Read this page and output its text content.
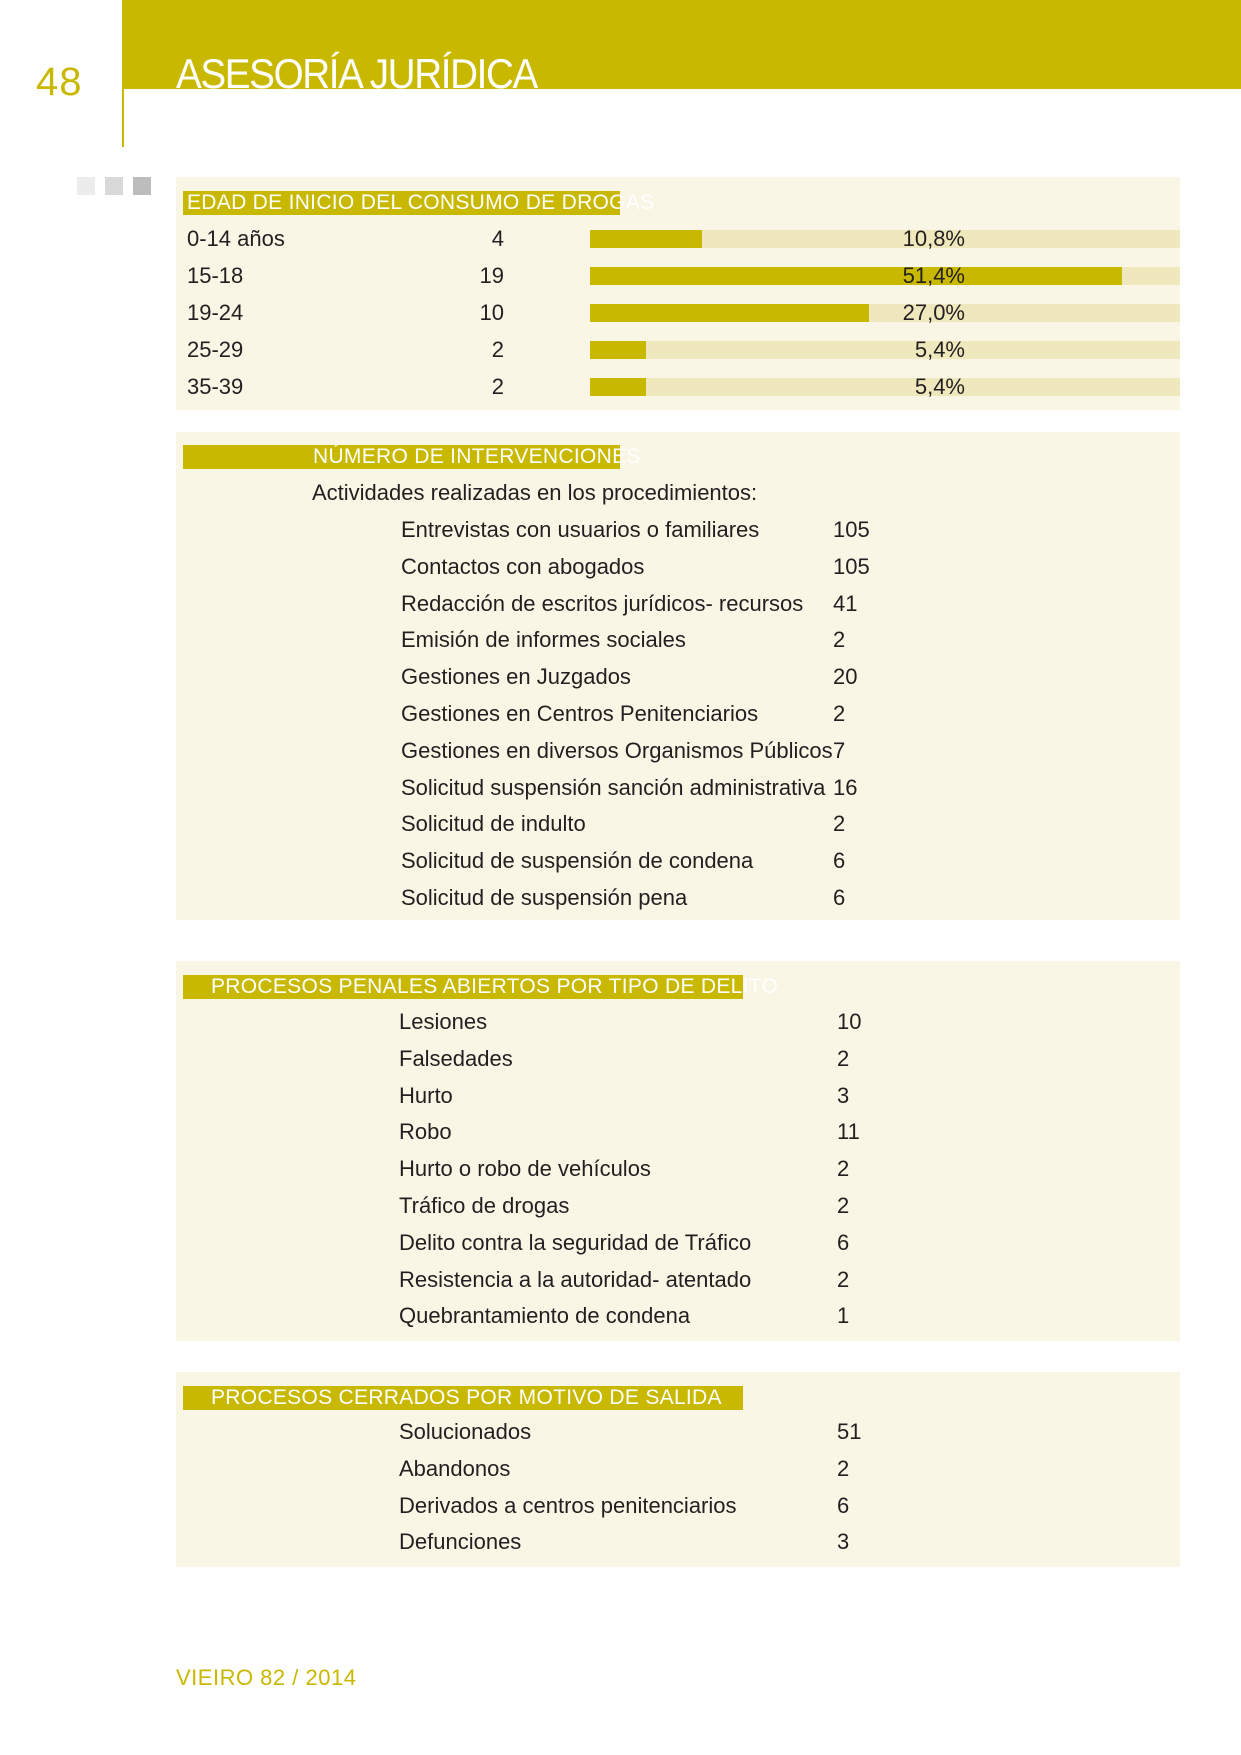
48 ASESORÍA JURÍDICA
EDAD DE INICIO DEL CONSUMO DE DROGAS
0-14 años	4	10,8%
15-18	19	51,4%
19-24	10	27,0%
25-29	2	5,4%
35-39	2	5,4%
NÚMERO DE INTERVENCIONES
Actividades realizadas en los procedimientos:
Entrevistas con usuarios o familiares	105
Contactos con abogados	105
Redacción de escritos jurídicos- recursos 41
Emisión de informes sociales	2
Gestiones en Juzgados	20
Gestiones en Centros Penitenciarios	2
Gestiones en diversos Organismos Públicos 7
Solicitud suspensión sanción administrativa 16
Solicitud de indulto	2
Solicitud de suspensión de condena	6
Solicitud de suspensión pena	6
PROCESOS PENALES ABIERTOS POR TIPO DE DELITO
Lesiones	10
Falsedades	2
Hurto	3
Robo	11
Hurto o robo de vehículos	2
Tráfico de drogas	2
Delito contra la seguridad de Tráfico	6
Resistencia a la autoridad- atentado	2
Quebrantamiento de condena	1
PROCESOS CERRADOS POR MOTIVO DE SALIDA
Solucionados	51
Abandonos	2
Derivados a centros penitenciarios	6
Defunciones	3
VIEIRO 82 / 2014
